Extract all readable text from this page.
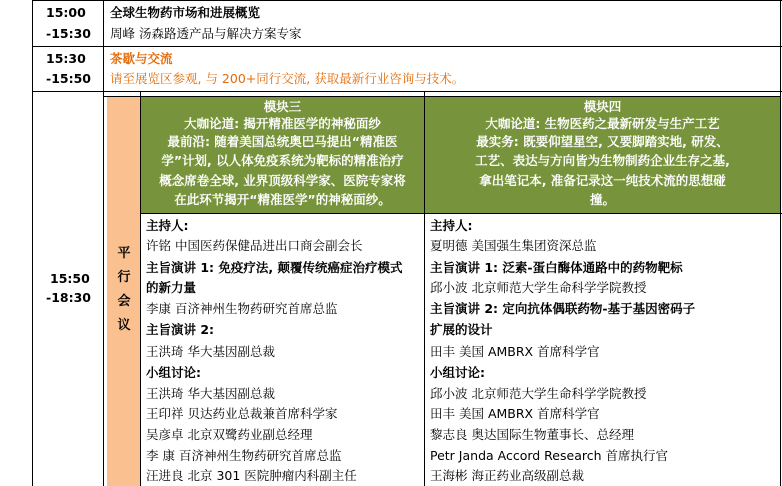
15:00
-15:30
全球生物药市场和进展概览
周峰 汤森路透产品与解决方案专家
15:30
-15:50
茶歇与交流
请至展览区参观, 与 200+同行交流, 获取最新行业咨询与技术。
15:50
-18:30
平
行
会
议
模块三
大咖论道: 揭开精准医学的神秘面纱
最前沿: 随着美国总统奥巴马提出“精准医
学”计划, 以人体免疫系统为靶标的精准治疗
概念席卷全球, 业界顶级科学家、医院专家将
在此环节揭开“精准医学”的神秘面纱。
模块四
大咖论道: 生物医药之最新研发与生产工艺
最实务: 既要仰望星空, 又要脚踏实地, 研发、
工艺、表达与方向皆为生物制药企业生存之基,
拿出笔记本, 准备记录这一纯技术流的思想碰
撞。
主持人:
许铭 中国医药保健品进出口商会副会长
主旨演讲 1: 免疫疗法, 颠覆传统癌症治疗模式
的新力量
李康 百济神州生物药研究首席总监
主旨演讲 2:
王洪琦 华大基因副总裁
小组讨论:
王洪琦 华大基因副总裁
王印祥 贝达药业总裁兼首席科学家
吴彦卓 北京双鹭药业副总经理
李 康 百济神州生物药研究首席总监
汪进良 北京 301 医院肿瘤内科副主任
主持人:
夏明德 美国强生集团资深总监
主旨演讲 1: 泛素-蛋白酶体通路中的药物靶标
邱小波 北京师范大学生命科学学院教授
主旨演讲 2: 定向抗体偶联药物-基于基因密码子
扩展的设计
田丰 美国 AMBRX 首席科学官
小组讨论:
邱小波 北京师范大学生命科学学院教授
田丰 美国 AMBRX 首席科学官
黎志良 奥达国际生物董事长、总经理
Petr Janda Accord Research 首席执行官
王海彬 海正药业高级副总裁
